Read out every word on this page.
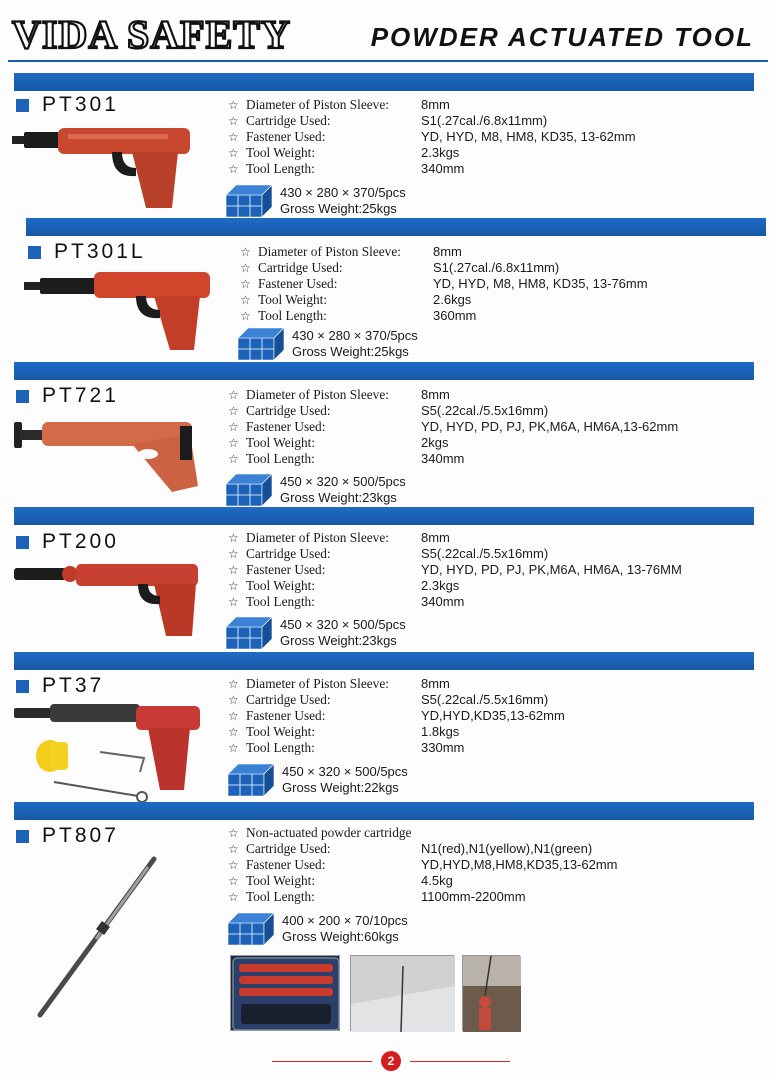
VIDA SAFETY	POWDER ACTUATED TOOL
PT301	☆ Diameter of Piston Sleeve:	8mm
☆ Cartridge Used:	S1(.27cal./6.8x11mm)
☆ Fastener Used:	YD, HYD, M8, HM8, KD35, 13-62mm
☆ Tool Weight:	2.3kgs
☆ Tool Length:	340mm
430 × 280 × 370/5pcs
Gross Weight:25kgs
PT301L	☆ Diameter of Piston Sleeve:	8mm
☆ Cartridge Used:	S1(.27cal./6.8x11mm)
☆ Fastener Used:	YD, HYD, M8, HM8, KD35, 13-76mm
☆ Tool Weight:	2.6kgs
☆ Tool Length:	360mm
430 × 280 × 370/5pcs
Gross Weight:25kgs
PT721	☆ Diameter of Piston Sleeve:	8mm
☆ Cartridge Used:	S5(.22cal./5.5x16mm)
☆ Fastener Used:	YD, HYD, PD, PJ, PK,M6A, HM6A,13-62mm
☆ Tool Weight:	2kgs
☆ Tool Length:	340mm
450 × 320 × 500/5pcs
Gross Weight:23kgs
PT200	☆ Diameter of Piston Sleeve:	8mm
☆ Cartridge Used:	S5(.22cal./5.5x16mm)
☆ Fastener Used:	YD, HYD, PD, PJ, PK,M6A, HM6A, 13-76MM
☆ Tool Weight:	2.3kgs
☆ Tool Length:	340mm
450 × 320 × 500/5pcs
Gross Weight:23kgs
PT37	☆ Diameter of Piston Sleeve:	8mm
☆ Cartridge Used:	S5(.22cal./5.5x16mm)
☆ Fastener Used:	YD,HYD,KD35,13-62mm
☆ Tool Weight:	1.8kgs
☆ Tool Length:	330mm
450 × 320 × 500/5pcs
Gross Weight:22kgs
PT807	☆ Non-actuated powder cartridge
☆ Cartridge Used:	N1(red),N1(yellow),N1(green)
☆ Fastener Used:	YD,HYD,M8,HM8,KD35,13-62mm
☆ Tool Weight:	4.5kg
☆ Tool Length:	1100mm-2200mm
400 × 200 × 70/10pcs
Gross Weight:60kgs
2
